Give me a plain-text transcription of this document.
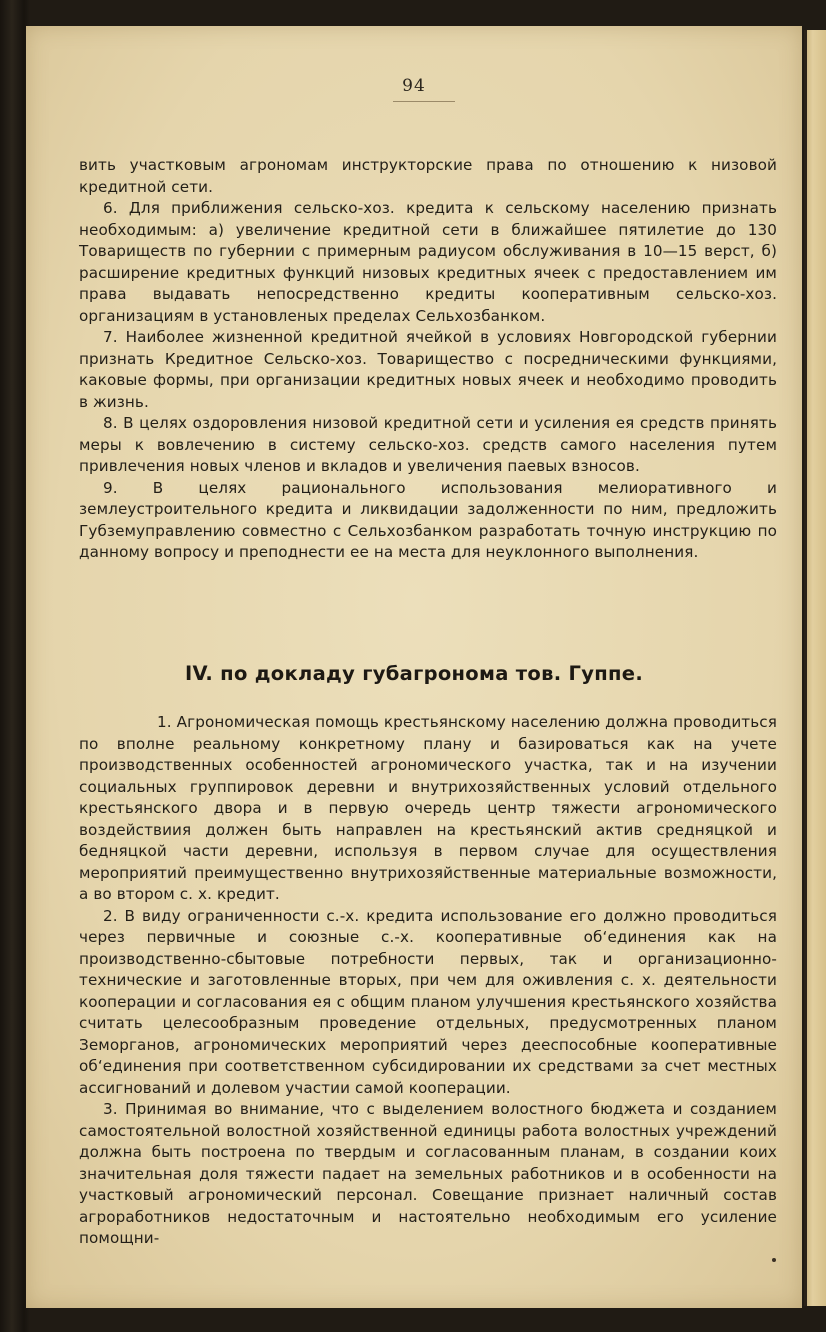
94

вить участковым агрономам инструкторские права по отношению к низовой кредитной сети.

6. Для приближения сельско-хоз. кредита к сельскому населению признать необходимым: а) увеличение кредитной сети в ближайшее пятилетие до 130 Товариществ по губернии с примерным радиусом обслуживания в 10—15 верст, б) расширение кредитных функций низовых кредитных ячеек с предоставлением им права выдавать непосредственно кредиты кооперативным сельско-хоз. организациям в установленых пределах Сельхозбанком.

7. Наиболее жизненной кредитной ячейкой в условиях Новгородской губернии признать Кредитное Сельско-хоз. Товарищество с посредническими функциями, каковые формы, при организации кредитных новых ячеек и необходимо проводить в жизнь.

8. В целях оздоровления низовой кредитной сети и усиления ея средств принять меры к вовлечению в систему сельско-хоз. средств самого населения путем привлечения новых членов и вкладов и увеличения паевых взносов.

9. В целях рационального использования мелиоративного и землеустроительного кредита и ликвидации задолженности по ним, предложить Губземуправлению совместно с Сельхозбанком разработать точную инструкцию по данному вопросу и преподнести ее на места для неуклонного выполнения.

IV. по докладу губагронома тов. Гуппе.

1. Агрономическая помощь крестьянскому населению должна проводиться по вполне реальному конкретному плану и базироваться как на учете производственных особенностей агрономического участка, так и на изучении социальных группировок деревни и внутрихозяйственных условий отдельного крестьянского двора и в первую очередь центр тяжести агрономического воздействиия должен быть направлен на крестьянский актив средняцкой и бедняцкой части деревни, используя в первом случае для осуществления мероприятий преимущественно внутрихозяйственные материальные возможности, а во втором с. х. кредит.

2. В виду ограниченности с.-х. кредита использование его должно проводиться через первичные и союзные с.-х. кооперативные об‘единения как на производственно-сбытовые потребности первых, так и организационно-технические и заготовленные вторых, при чем для оживления с. х. деятельности кооперации и согласования ея с общим планом улучшения крестьянского хозяйства считать целесообразным проведение отдельных, предусмотренных планом Земорганов, агрономических мероприятий через дееспособные кооперативные об‘единения при соответственном субсидировании их средствами за счет местных ассигнований и долевом участии самой кооперации.

3. Принимая во внимание, что с выделением волостного бюджета и созданием самостоятельной волостной хозяйственной единицы работа волостных учреждений должна быть построена по твердым и согласованным планам, в создании коих значительная доля тяжести падает на земельных работников и в особенности на участковый агрономический персонал. Совещание признает наличный состав агроработников недостаточным и настоятельно необходимым его усиление помощни-
